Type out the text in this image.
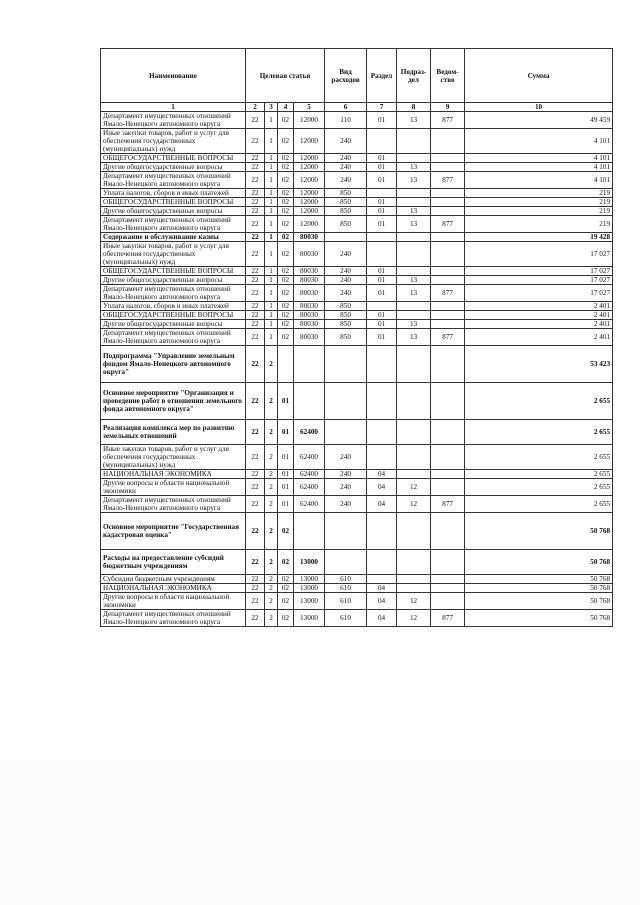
Наименование	Целевая статья				Вид расходов	Раздел	Подраз-дел	Ведом-ство	Сумма
1	2	3	4	5	6	7	8	9	10
Департамент имущественных отношений Ямало-Ненецкого автономного округа	22	1	02	12000	110	01	13	877	49 459
Иные закупки товаров, работ и услуг для обеспечения государственных (муниципальных) нужд	22	1	02	12000	240				4 101
ОБЩЕГОСУДАРСТВЕННЫЕ ВОПРОСЫ	22	1	02	12000	240	01			4 101
Другие общегосударственные вопросы	22	1	02	12000	240	01	13		4 101
Департамент имущественных отношений Ямало-Ненецкого автономного округа	22	1	02	12000	240	01	13	877	4 101
Уплата налогов, сборов и иных платежей	22	1	02	12000	850				219
ОБЩЕГОСУДАРСТВЕННЫЕ ВОПРОСЫ	22	1	02	12000	850	01			219
Другие общегосударственные вопросы	22	1	02	12000	850	01	13		219
Департамент имущественных отношений Ямало-Ненецкого автономного округа	22	1	02	12000	850	01	13	877	219
Содержание и обслуживание казны	22	1	02	80030					19 428
Иные закупки товаров, работ и услуг для обеспечения государственных (муниципальных) нужд	22	1	02	80030	240				17 027
ОБЩЕГОСУДАРСТВЕННЫЕ ВОПРОСЫ	22	1	02	80030	240	01			17 027
Другие общегосударственные вопросы	22	1	02	80030	240	01	13		17 027
Департамент имущественных отношений Ямало-Ненецкого автономного округа	22	1	02	80030	240	01	13	877	17 027
Уплата налогов, сборов и иных платежей	22	1	02	80030	850				2 401
ОБЩЕГОСУДАРСТВЕННЫЕ ВОПРОСЫ	22	1	02	80030	850	01			2 401
Другие общегосударственные вопросы	22	1	02	80030	850	01	13		2 401
Департамент имущественных отношений Ямало-Ненецкого автономного округа	22	1	02	80030	850	01	13	877	2 401
Подпрограмма "Управление земельным фондом Ямало-Ненецкого автономного округа"	22	2							53 423
Основное мероприятие "Организация и проведение работ в отношении земельного фонда автономного округа"	22	2	01						2 655
Реализация комплекса мер по развитию земельных отношений	22	2	01	62400					2 655
Иные закупки товаров, работ и услуг для обеспечения государственных (муниципальных) нужд	22	2	01	62400	240				2 655
НАЦИОНАЛЬНАЯ ЭКОНОМИКА	22	2	01	62400	240	04			2 655
Другие вопросы в области национальной экономики	22	2	01	62400	240	04	12		2 655
Департамент имущественных отношений Ямало-Ненецкого автономного округа	22	2	01	62400	240	04	12	877	2 655
Основное мероприятие "Государственная кадастровая оценка"	22	2	02						50 768
Расходы на предоставление субсидий бюджетным учреждениям	22	2	02	13000					50 768
Субсидии бюджетным учреждениям	22	2	02	13000	610				50 768
НАЦИОНАЛЬНАЯ ЭКОНОМИКА	22	2	02	13000	610	04			50 768
Другие вопросы в области национальной экономики	22	2	02	13000	610	04	12		50 768
Департамент имущественных отношений Ямало-Ненецкого автономного округа	22	2	02	13000	610	04	12	877	50 768
